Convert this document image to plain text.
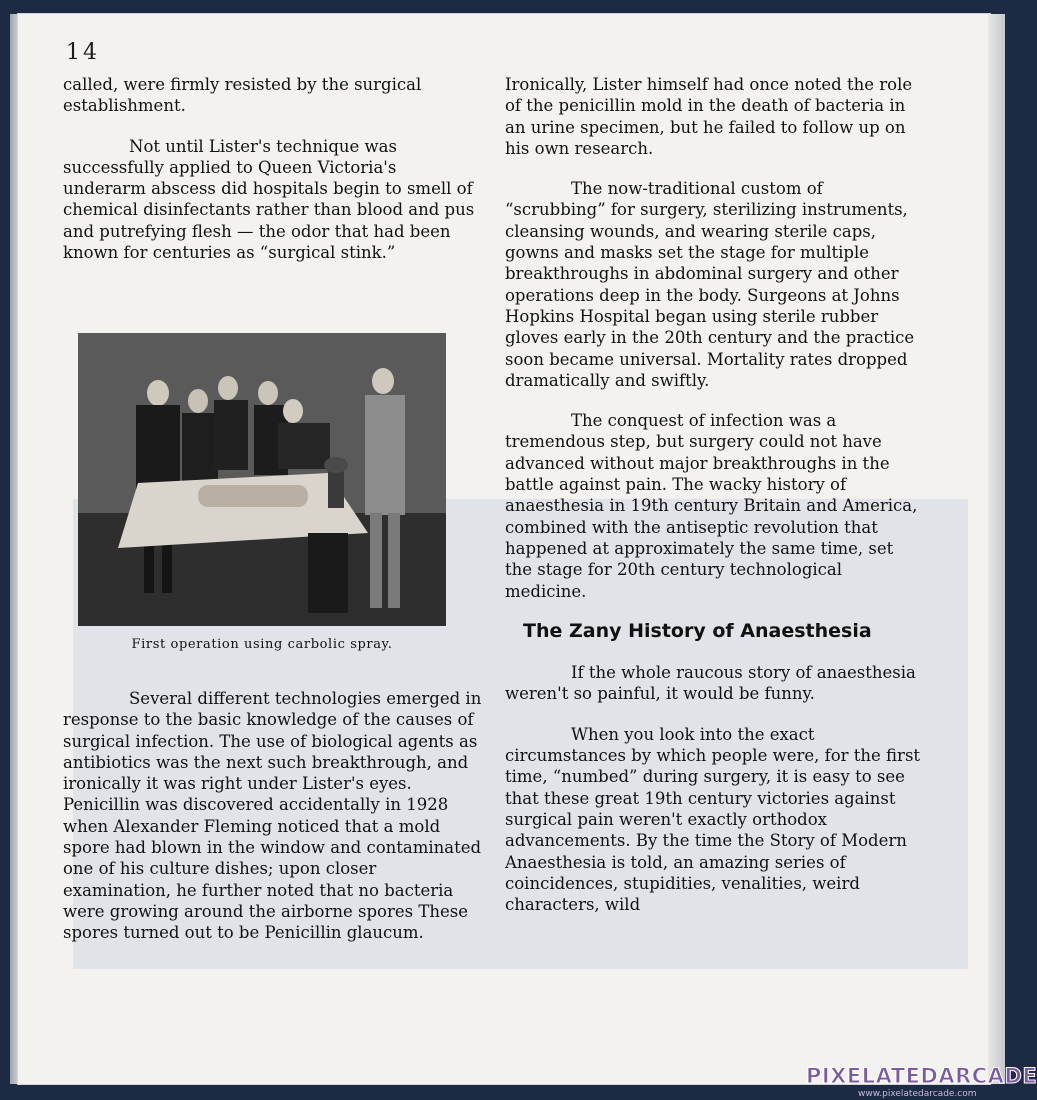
14

called, were firmly resisted by the surgical establishment.

Not until Lister's technique was successfully applied to Queen Victoria's underarm abscess did hospitals begin to smell of chemical disinfectants rather than blood and pus and putrefying flesh — the odor that had been known for centuries as “surgical stink.”

First operation using carbolic spray.

Several different technologies emerged in response to the basic knowledge of the causes of surgical infection. The use of biological agents as antibiotics was the next such breakthrough, and ironically it was right under Lister's eyes. Penicillin was discovered accidentally in 1928 when Alexander Fleming noticed that a mold spore had blown in the window and contaminated one of his culture dishes; upon closer examination, he further noted that no bacteria were growing around the airborne spores These spores turned out to be Penicillin glaucum.

Ironically, Lister himself had once noted the role of the penicillin mold in the death of bacteria in an urine specimen, but he failed to follow up on his own research.

The now-traditional custom of “scrubbing” for surgery, sterilizing instruments, cleansing wounds, and wearing sterile caps, gowns and masks set the stage for multiple breakthroughs in abdominal surgery and other operations deep in the body. Surgeons at Johns Hopkins Hospital began using sterile rubber gloves early in the 20th century and the practice soon became universal. Mortality rates dropped dramatically and swiftly.

The conquest of infection was a tremendous step, but surgery could not have advanced without major breakthroughs in the battle against pain. The wacky history of anaesthesia in 19th century Britain and America, combined with the antiseptic revolution that happened at approximately the same time, set the stage for 20th century technological medicine.

The Zany History of Anaesthesia

If the whole raucous story of anaesthesia weren't so painful, it would be funny.

When you look into the exact circumstances by which people were, for the first time, “numbed” during surgery, it is easy to see that these great 19th century victories against surgical pain weren't exactly orthodox advancements. By the time the Story of Modern Anaesthesia is told, an amazing series of coincidences, stupidities, venalities, weird characters, wild

PIXELATEDARCADE
www.pixelatedarcade.com
